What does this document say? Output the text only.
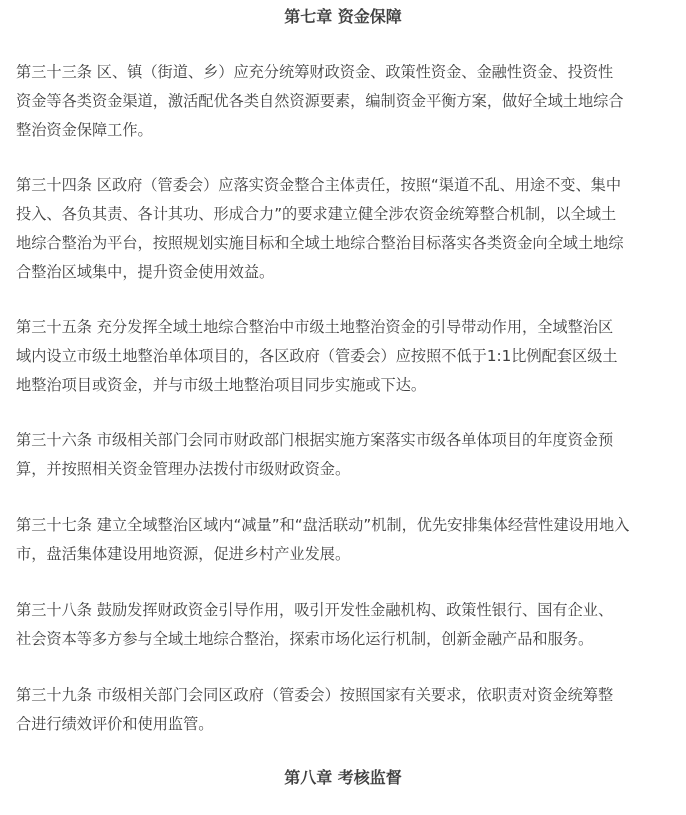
第七章 资金保障

第三十三条 区、镇（街道、乡）应充分统筹财政资金、政策性资金、金融性资金、投资性
资金等各类资金渠道，激活配优各类自然资源要素，编制资金平衡方案，做好全域土地综合
整治资金保障工作。

第三十四条 区政府（管委会）应落实资金整合主体责任，按照“渠道不乱、用途不变、集中
投入、各负其责、各计其功、形成合力”的要求建立健全涉农资金统筹整合机制，以全域土
地综合整治为平台，按照规划实施目标和全域土地综合整治目标落实各类资金向全域土地综
合整治区域集中，提升资金使用效益。

第三十五条 充分发挥全域土地综合整治中市级土地整治资金的引导带动作用，全域整治区
域内设立市级土地整治单体项目的，各区政府（管委会）应按照不低于1:1比例配套区级土
地整治项目或资金，并与市级土地整治项目同步实施或下达。

第三十六条 市级相关部门会同市财政部门根据实施方案落实市级各单体项目的年度资金预
算，并按照相关资金管理办法拨付市级财政资金。

第三十七条 建立全域整治区域内“减量”和“盘活联动”机制，优先安排集体经营性建设用地入
市，盘活集体建设用地资源，促进乡村产业发展。

第三十八条 鼓励发挥财政资金引导作用，吸引开发性金融机构、政策性银行、国有企业、
社会资本等多方参与全域土地综合整治，探索市场化运行机制，创新金融产品和服务。

第三十九条 市级相关部门会同区政府（管委会）按照国家有关要求，依职责对资金统筹整
合进行绩效评价和使用监管。

第八章 考核监督
